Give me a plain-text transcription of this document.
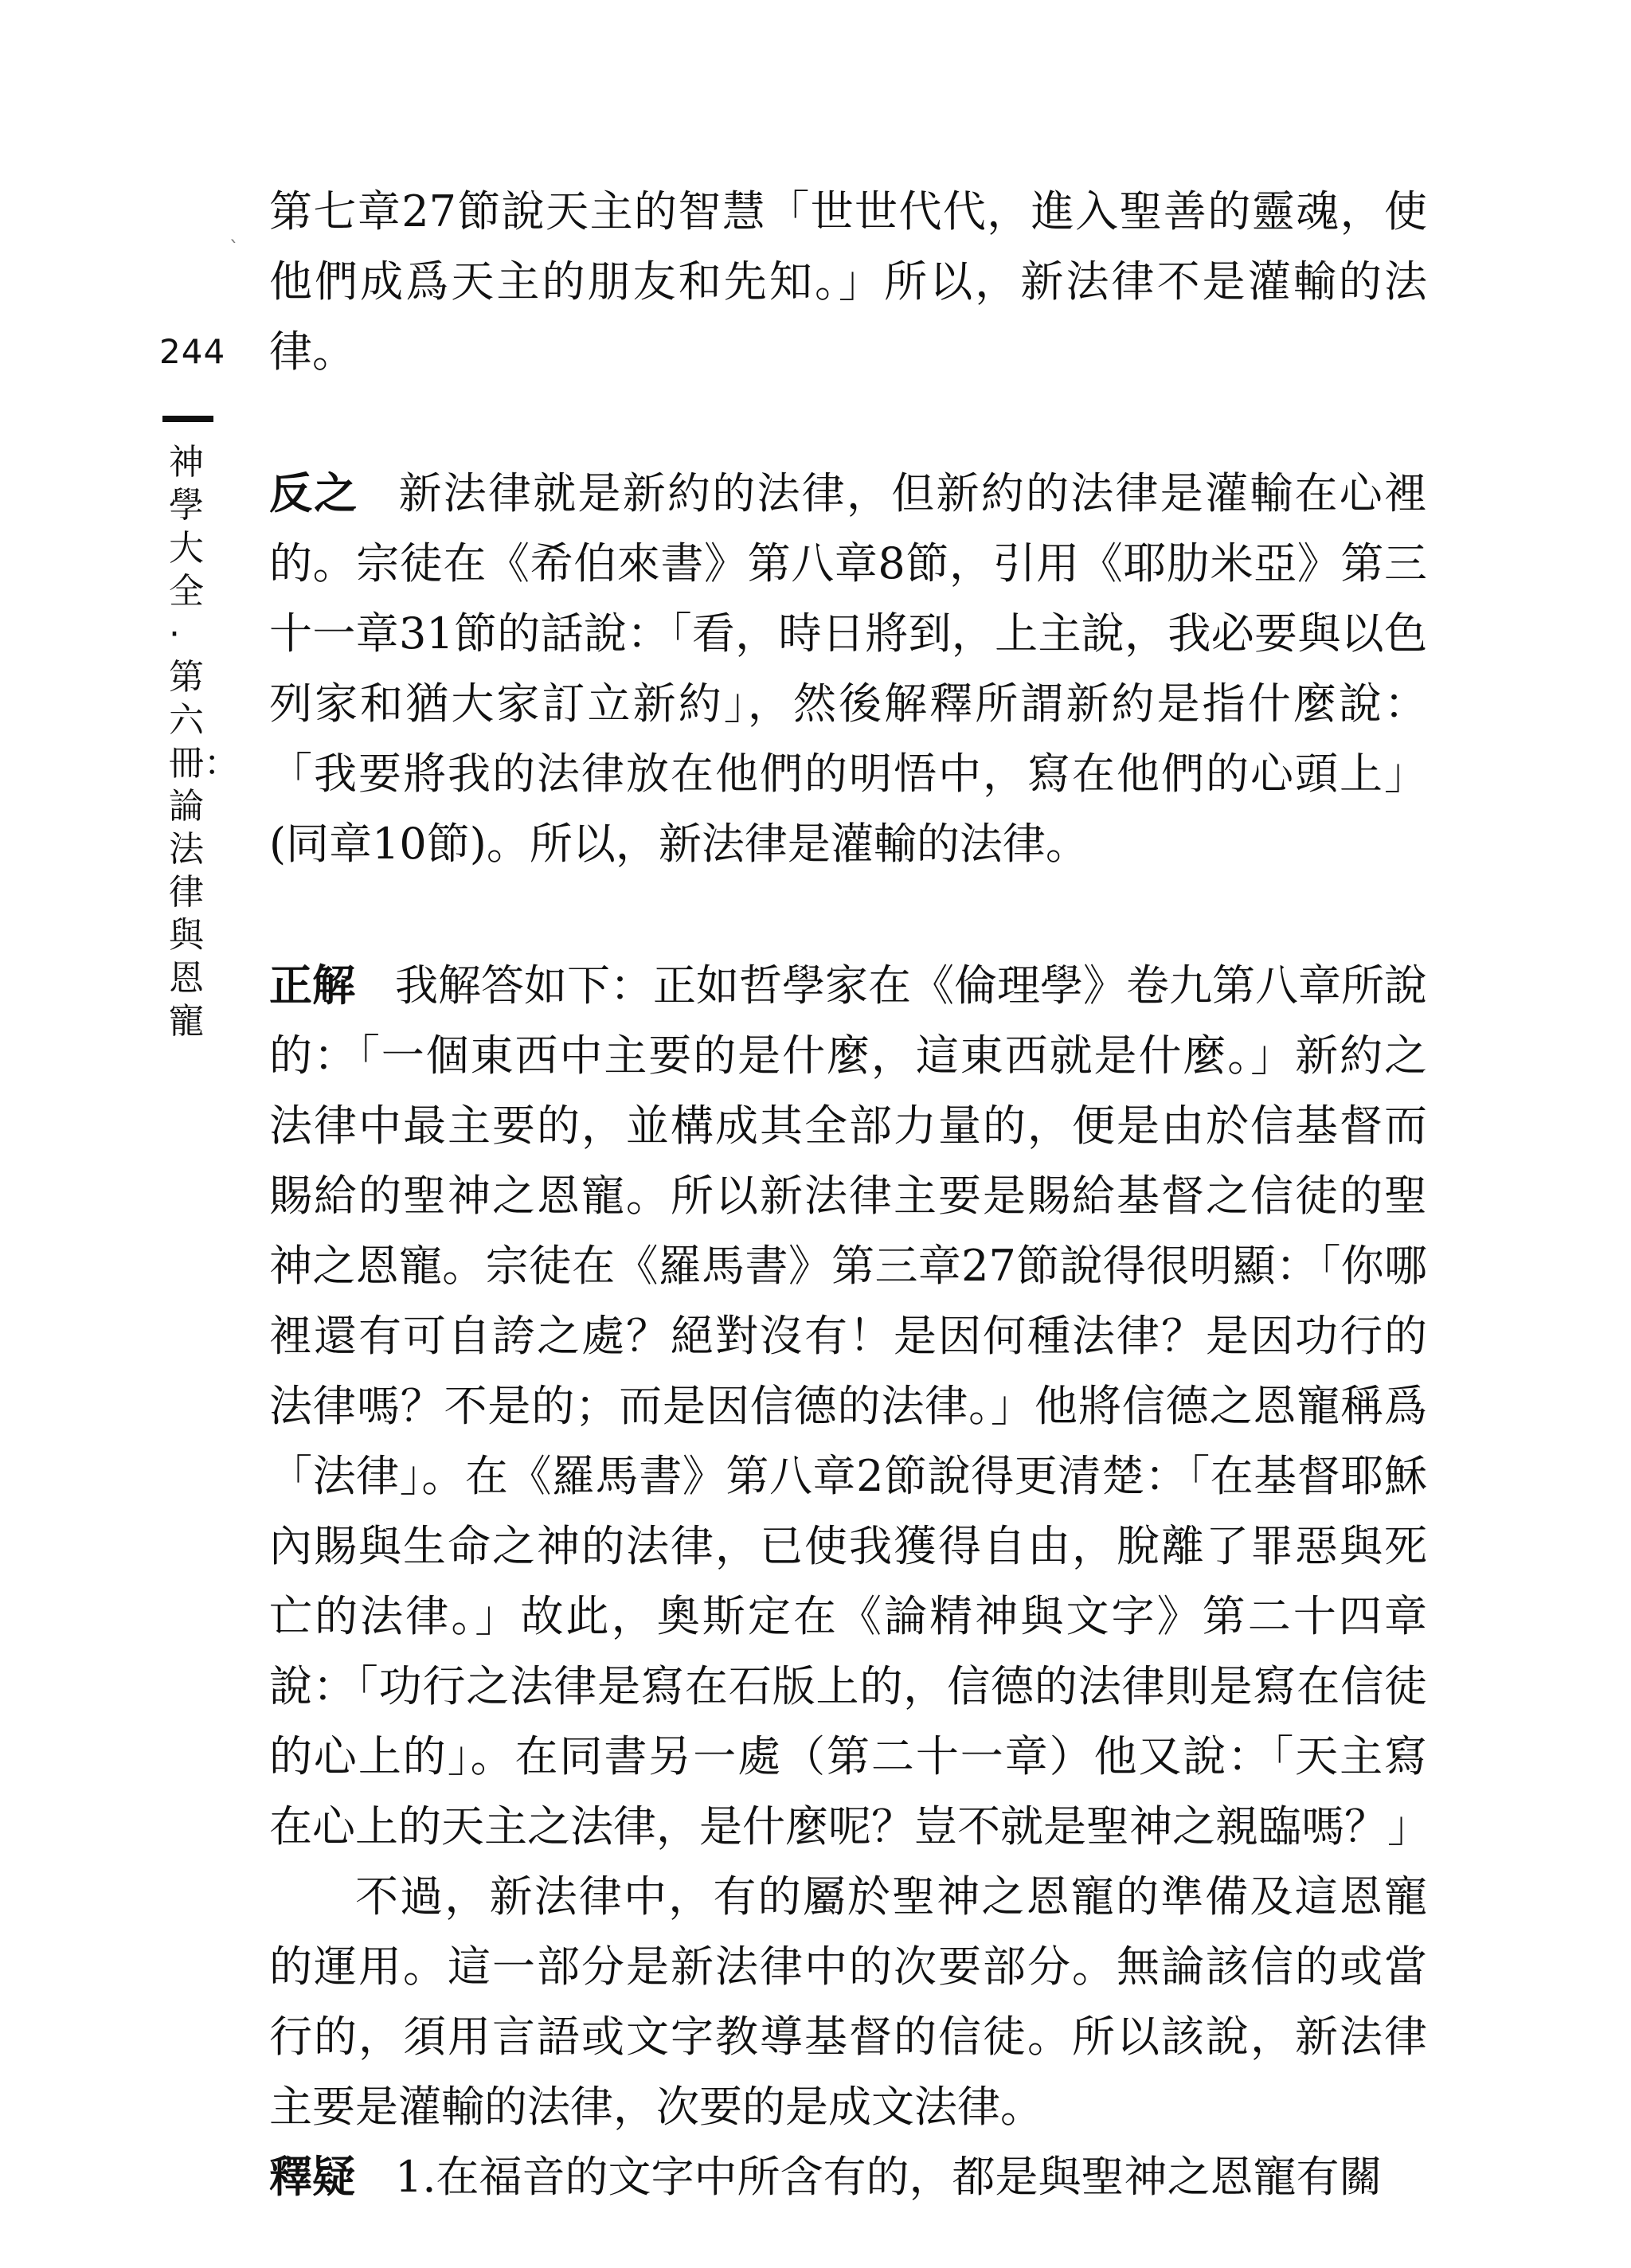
244
神學大全·第六冊：論法律與恩寵
`

第七章27節說天主的智慧「世世代代，進入聖善的靈魂，使他們成爲天主的朋友和先知。」所以，新法律不是灌輸的法律。

反之 新法律就是新約的法律，但新約的法律是灌輸在心裡的。宗徒在《希伯來書》第八章8節，引用《耶肋米亞》第三十一章31節的話說：「看，時日將到，上主說，我必要與以色列家和猶大家訂立新約」，然後解釋所謂新約是指什麼說：「我要將我的法律放在他們的明悟中，寫在他們的心頭上」(同章10節)。所以，新法律是灌輸的法律。

正解 我解答如下：正如哲學家在《倫理學》卷九第八章所說的：「一個東西中主要的是什麼，這東西就是什麼。」新約之法律中最主要的，並構成其全部力量的，便是由於信基督而賜給的聖神之恩寵。所以新法律主要是賜給基督之信徒的聖神之恩寵。宗徒在《羅馬書》第三章27節說得很明顯：「你哪裡還有可自誇之處？絕對沒有！是因何種法律？是因功行的法律嗎？不是的；而是因信德的法律。」他將信德之恩寵稱爲「法律」。在《羅馬書》第八章2節說得更清楚：「在基督耶穌內賜與生命之神的法律，已使我獲得自由，脫離了罪惡與死亡的法律。」故此，奧斯定在《論精神與文字》第二十四章說：「功行之法律是寫在石版上的，信德的法律則是寫在信徒的心上的」。在同書另一處（第二十一章）他又說：「天主寫在心上的天主之法律，是什麼呢？豈不就是聖神之親臨嗎？」

不過，新法律中，有的屬於聖神之恩寵的準備及這恩寵的運用。這一部分是新法律中的次要部分。無論該信的或當行的，須用言語或文字教導基督的信徒。所以該說，新法律主要是灌輸的法律，次要的是成文法律。

釋疑 1.在福音的文字中所含有的，都是與聖神之恩寵有關
